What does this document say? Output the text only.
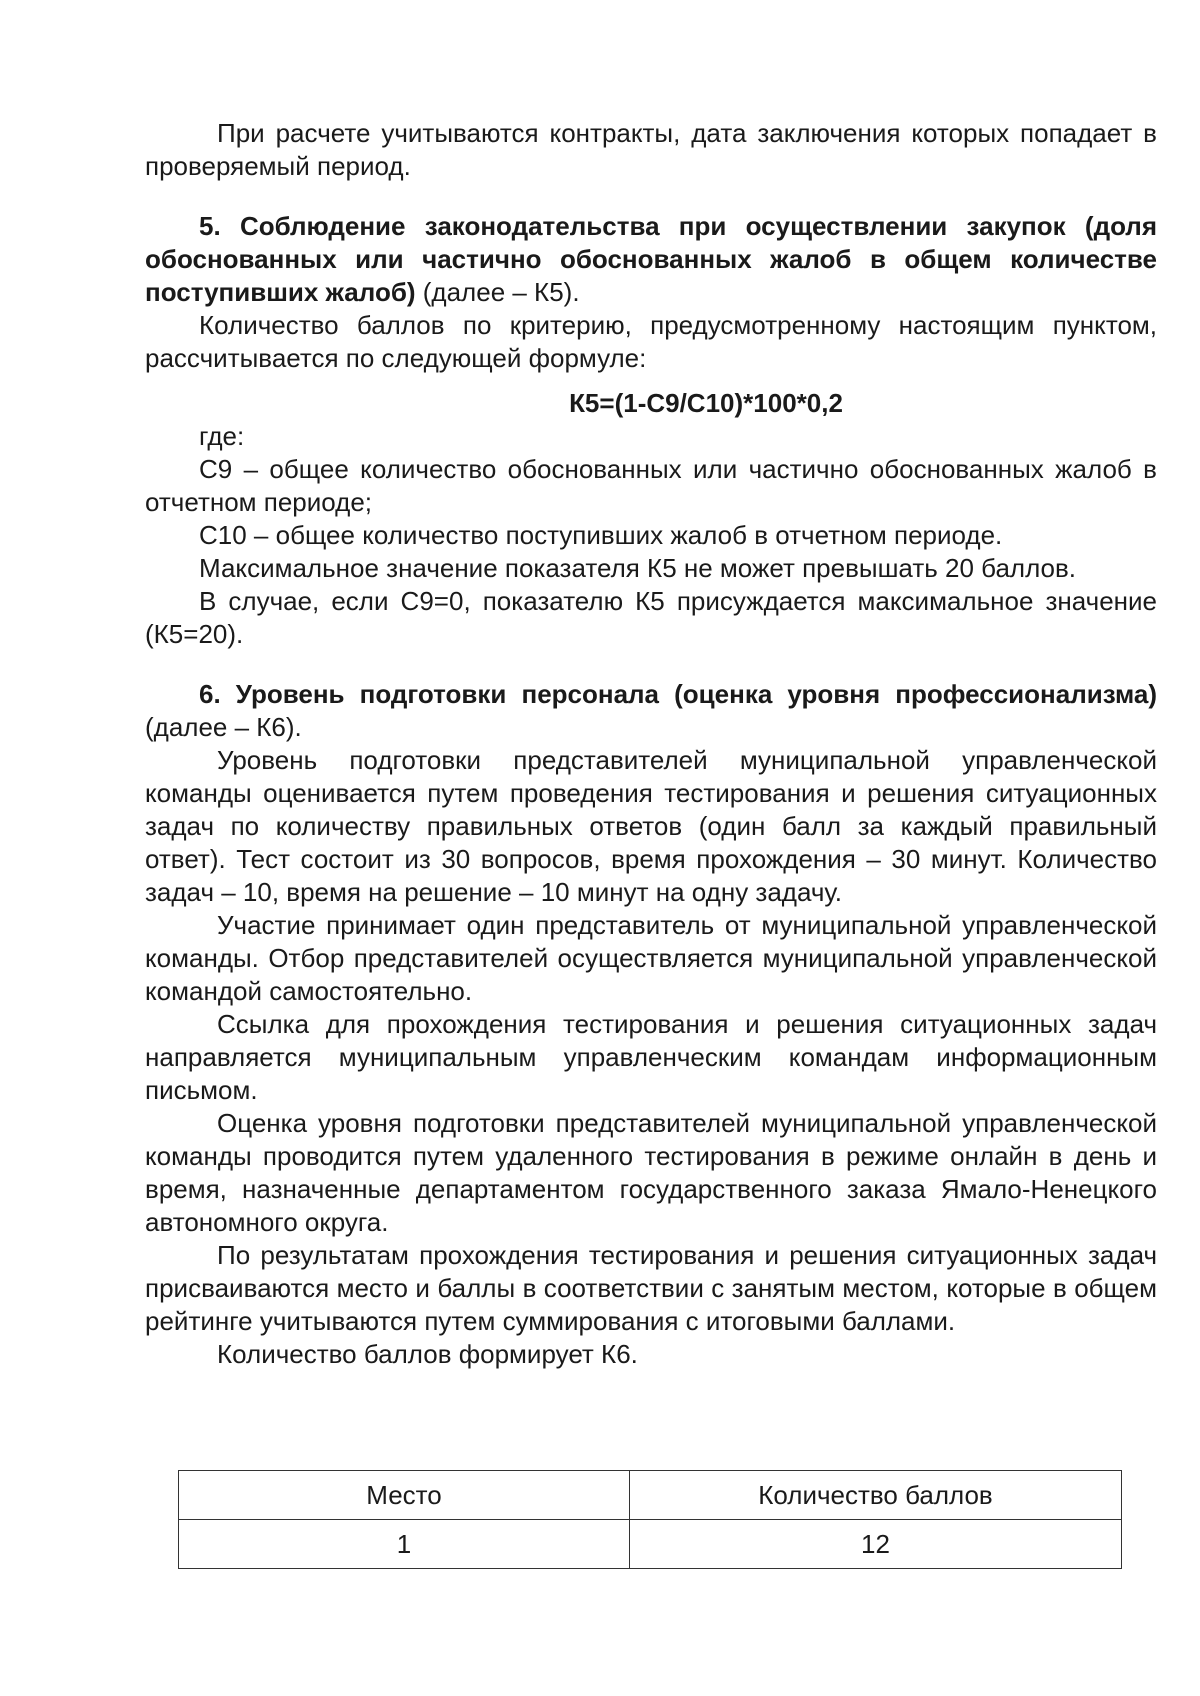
При расчете учитываются контракты, дата заключения которых попадает в проверяемый период.

5. Соблюдение законодательства при осуществлении закупок (доля обоснованных или частично обоснованных жалоб в общем количестве поступивших жалоб) (далее – К5).

Количество баллов по критерию, предусмотренному настоящим пунктом, рассчитывается по следующей формуле:

К5=(1-С9/С10)*100*0,2

где:

С9 – общее количество обоснованных или частично обоснованных жалоб в отчетном периоде;

С10 – общее количество поступивших жалоб в отчетном периоде.

Максимальное значение показателя К5 не может превышать 20 баллов.

В случае, если С9=0, показателю К5 присуждается максимальное значение (К5=20).

6. Уровень подготовки персонала (оценка уровня профессионализма) (далее – К6).

Уровень подготовки представителей муниципальной управленческой команды оценивается путем проведения тестирования и решения ситуационных задач по количеству правильных ответов (один балл за каждый правильный ответ). Тест состоит из 30 вопросов, время прохождения – 30 минут. Количество задач – 10, время на решение – 10 минут на одну задачу.

Участие принимает один представитель от муниципальной управленческой команды. Отбор представителей осуществляется муниципальной управленческой командой самостоятельно.

Ссылка для прохождения тестирования и решения ситуационных задач направляется муниципальным управленческим командам информационным письмом.

Оценка уровня подготовки представителей муниципальной управленческой команды проводится путем удаленного тестирования в режиме онлайн в день и время, назначенные департаментом государственного заказа Ямало-Ненецкого автономного округа.

По результатам прохождения тестирования и решения ситуационных задач присваиваются место и баллы в соответствии с занятым местом, которые в общем рейтинге учитываются путем суммирования с итоговыми баллами.

Количество баллов формирует К6.

Место	Количество баллов
1	12
